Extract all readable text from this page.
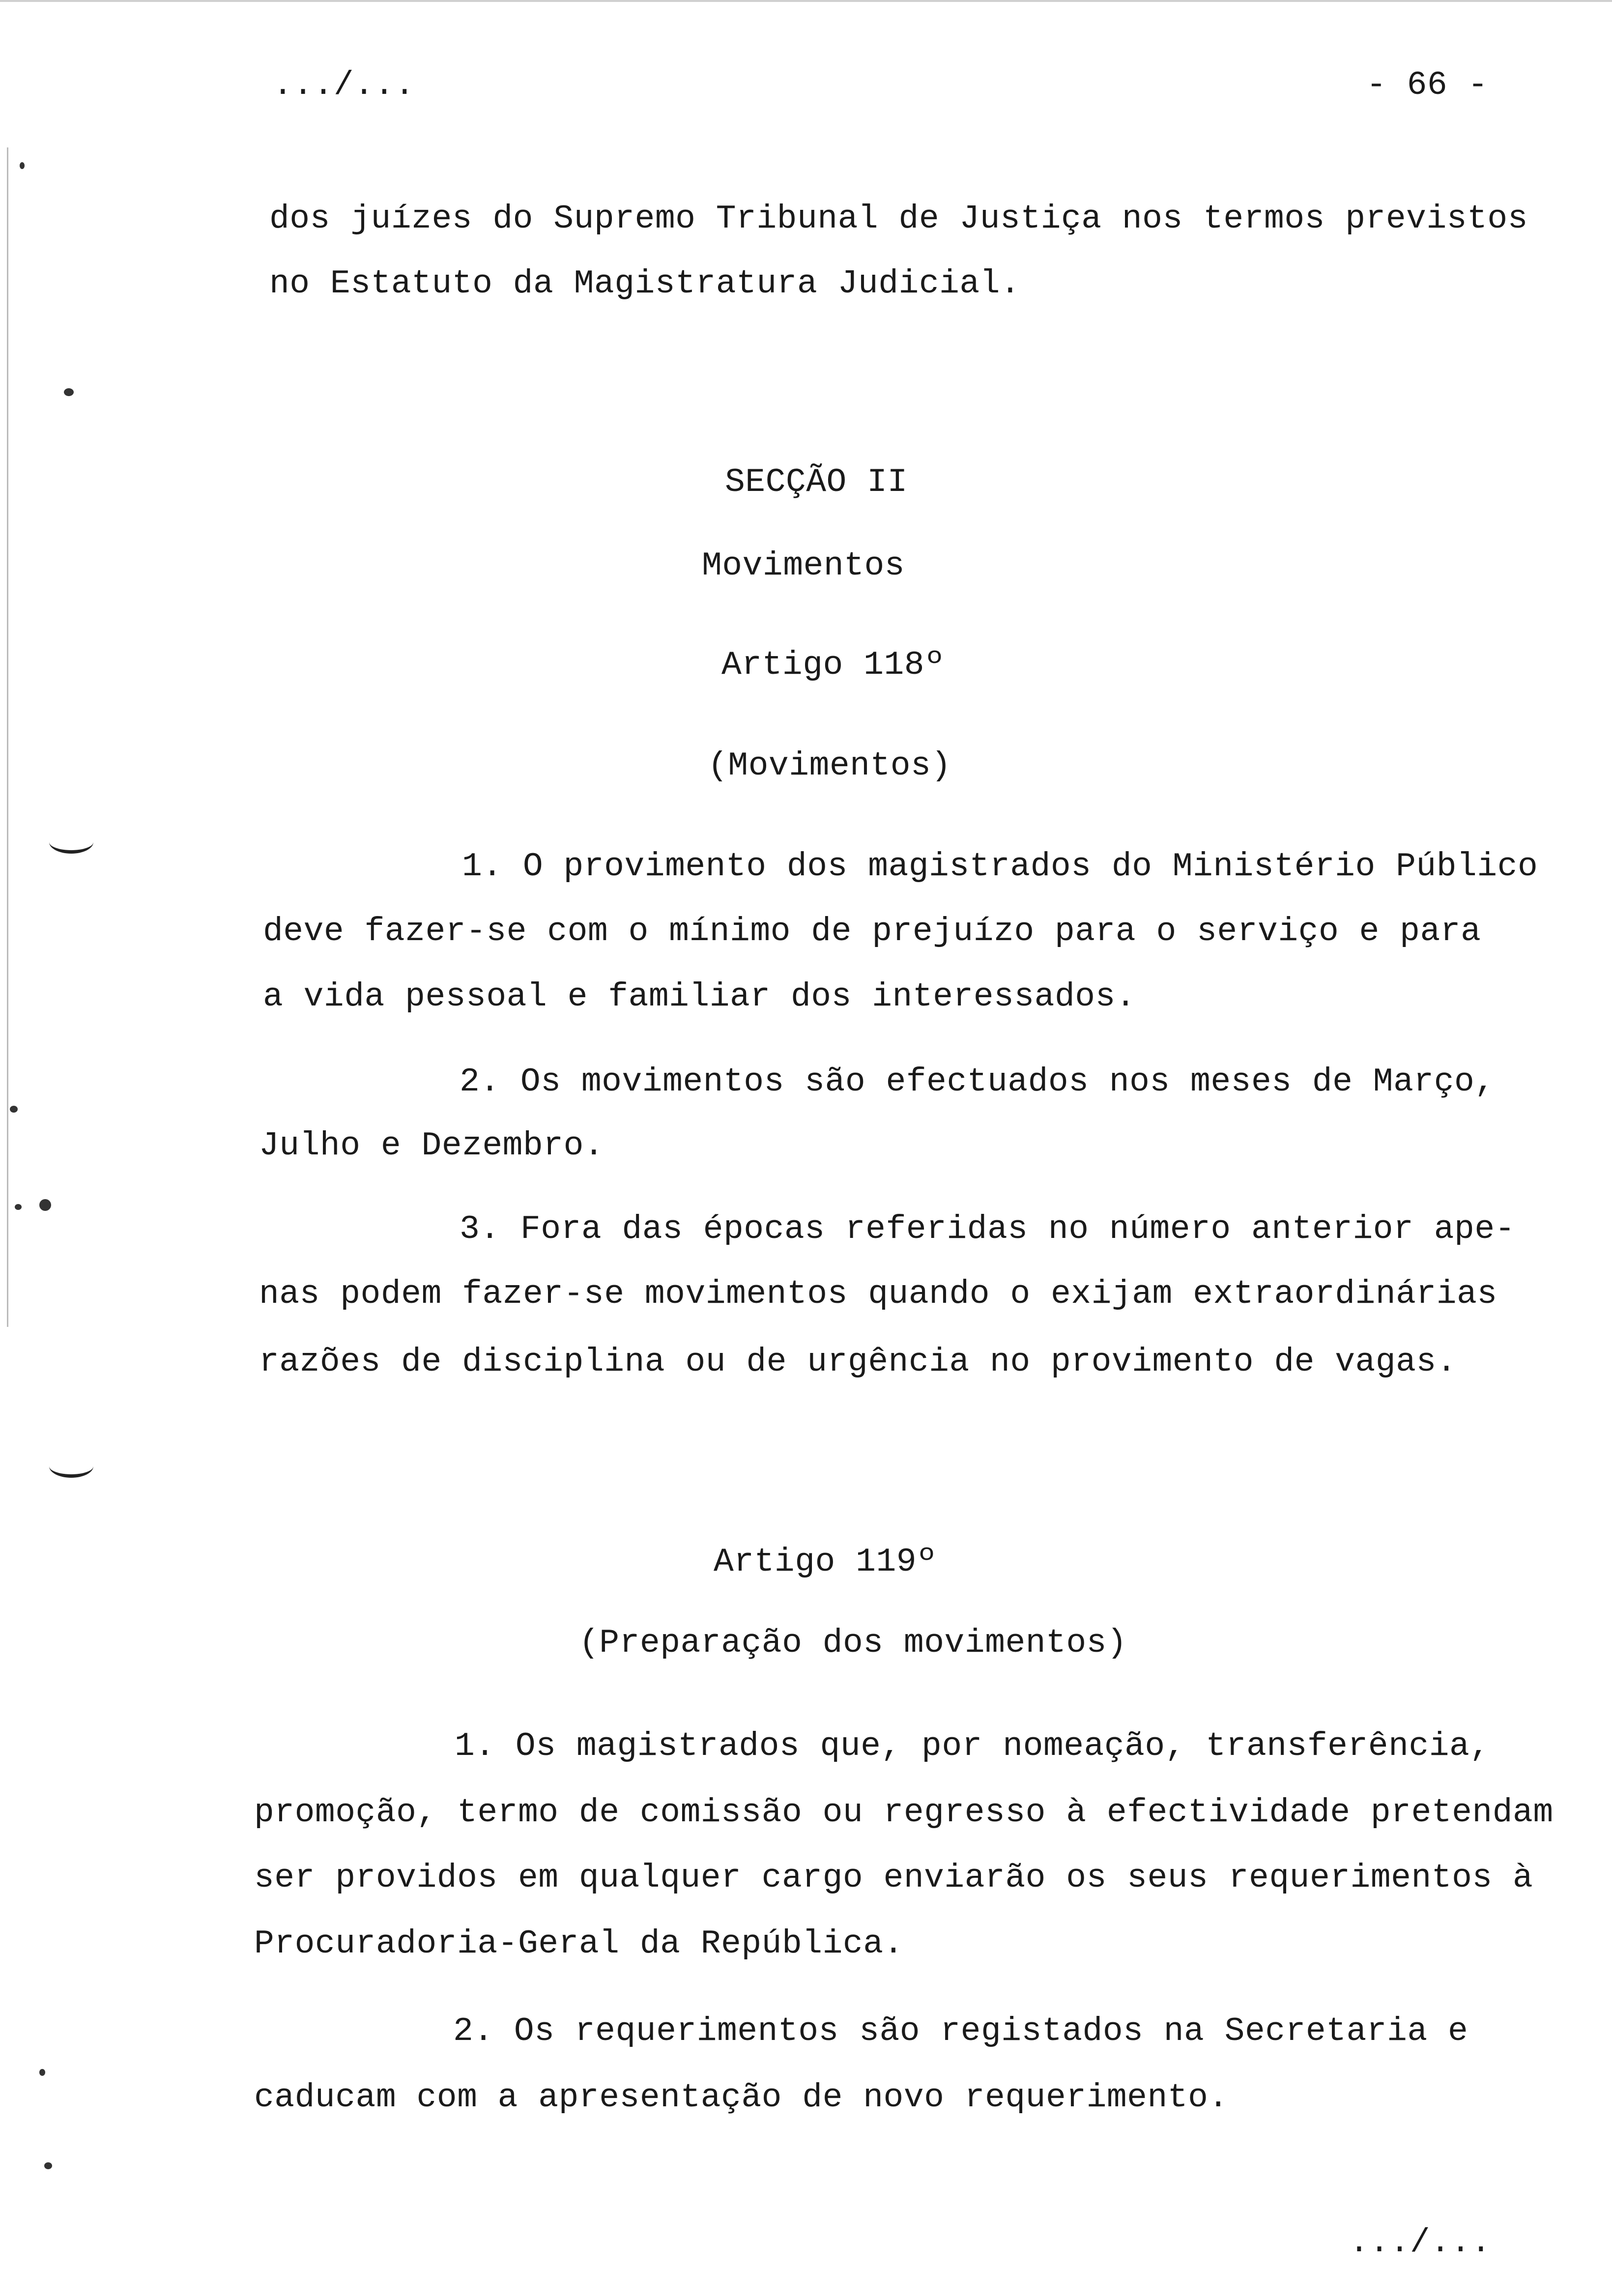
.../...	- 66 -
dos juízes do Supremo Tribunal de Justiça nos termos previstos
no Estatuto da Magistratura Judicial.
SECÇÃO II
Movimentos
Artigo 118º
(Movimentos)
1. O provimento dos magistrados do Ministério Público
deve fazer-se com o mínimo de prejuízo para o serviço e para
a vida pessoal e familiar dos interessados.
2. Os movimentos são efectuados nos meses de Março,
Julho e Dezembro.
3. Fora das épocas referidas no número anterior ape-
nas podem fazer-se movimentos quando o exijam extraordinárias
razões de disciplina ou de urgência no provimento de vagas.
Artigo 119º
(Preparação dos movimentos)
1. Os magistrados que, por nomeação, transferência,
promoção, termo de comissão ou regresso à efectividade pretendam
ser providos em qualquer cargo enviarão os seus requerimentos à
Procuradoria-Geral da República.
2. Os requerimentos são registados na Secretaria e
caducam com a apresentação de novo requerimento.
.../...
